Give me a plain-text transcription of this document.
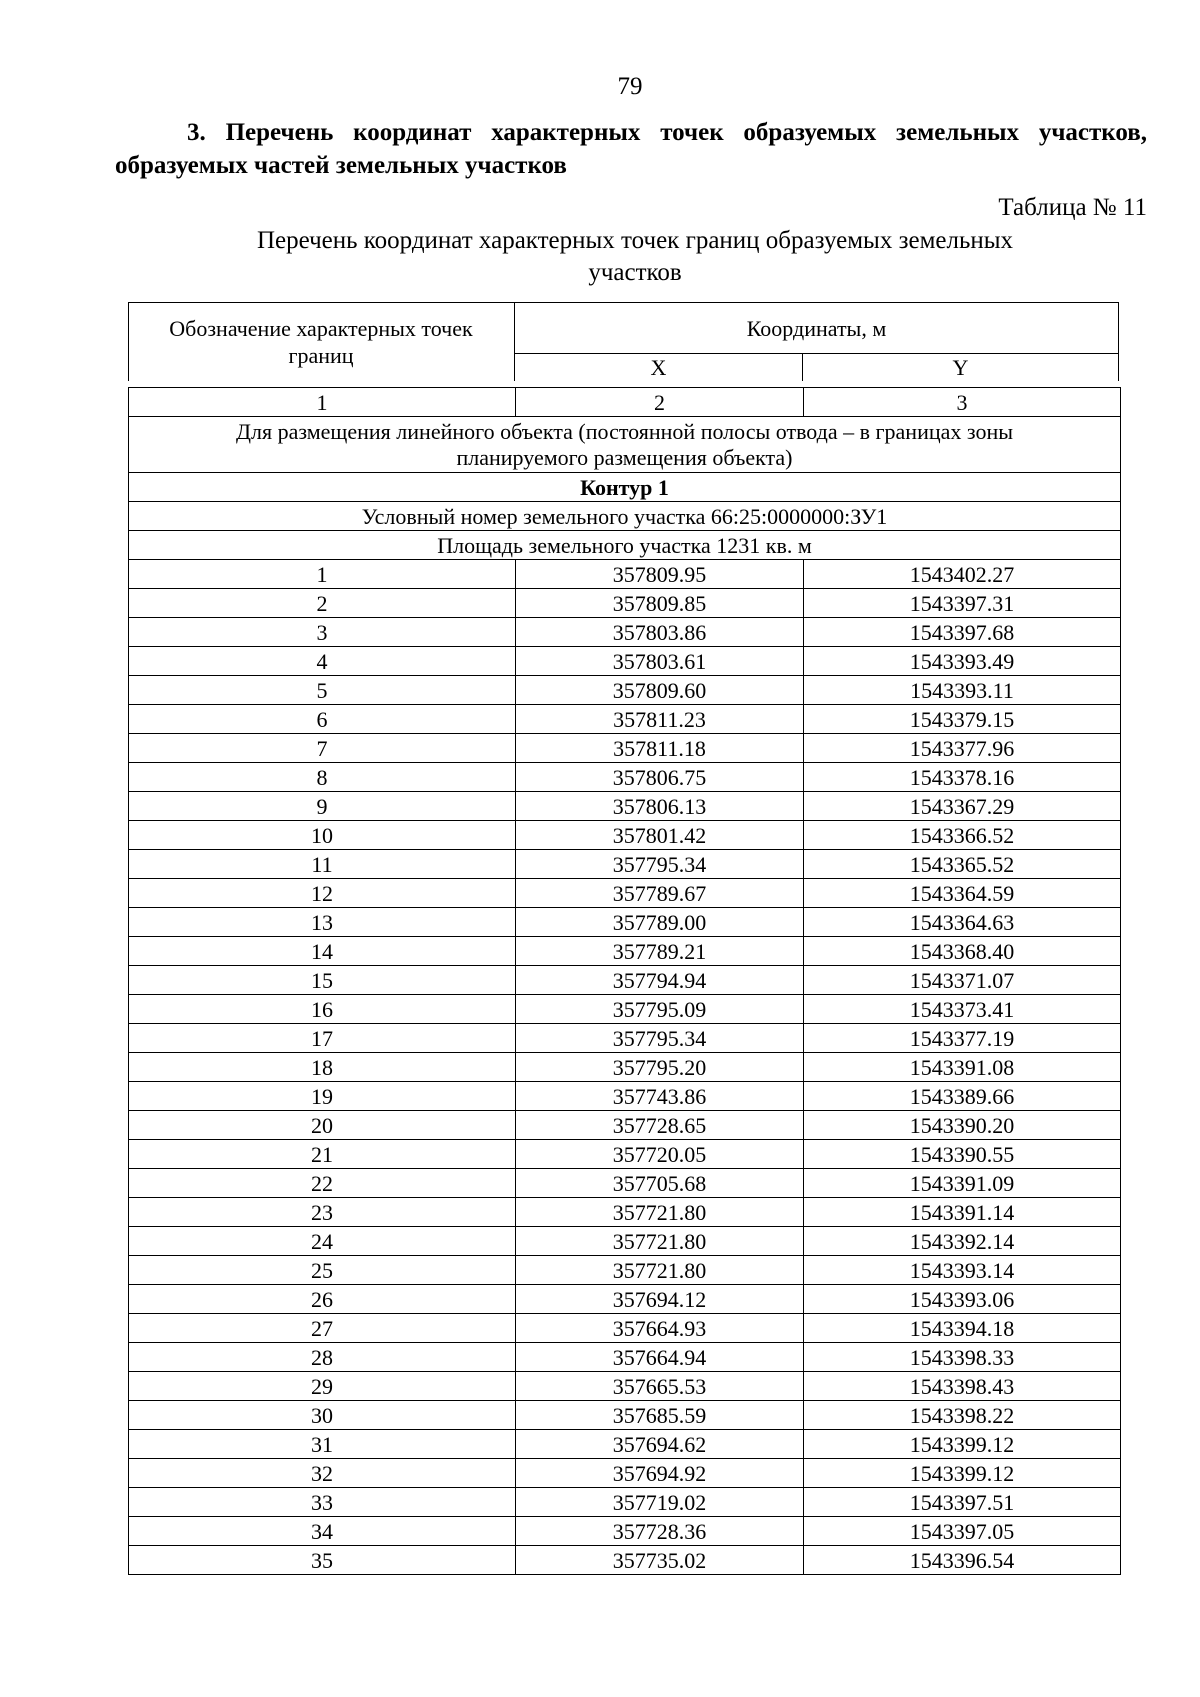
79
3. Перечень координат характерных точек образуемых земельных участков, образуемых частей земельных участков
Таблица № 11
Перечень координат характерных точек границ образуемых земельных участков
Обозначение характерных точек границ
Координаты, м
X	Y
1	2	3
Для размещения линейного объекта (постоянной полосы отвода – в границах зоны планируемого размещения объекта)		
Контур 1		
Условный номер земельного участка 66:25:0000000:ЗУ1		
Площадь земельного участка 1231 кв. м		
1	357809.95	1543402.27
2	357809.85	1543397.31
3	357803.86	1543397.68
4	357803.61	1543393.49
5	357809.60	1543393.11
6	357811.23	1543379.15
7	357811.18	1543377.96
8	357806.75	1543378.16
9	357806.13	1543367.29
10	357801.42	1543366.52
11	357795.34	1543365.52
12	357789.67	1543364.59
13	357789.00	1543364.63
14	357789.21	1543368.40
15	357794.94	1543371.07
16	357795.09	1543373.41
17	357795.34	1543377.19
18	357795.20	1543391.08
19	357743.86	1543389.66
20	357728.65	1543390.20
21	357720.05	1543390.55
22	357705.68	1543391.09
23	357721.80	1543391.14
24	357721.80	1543392.14
25	357721.80	1543393.14
26	357694.12	1543393.06
27	357664.93	1543394.18
28	357664.94	1543398.33
29	357665.53	1543398.43
30	357685.59	1543398.22
31	357694.62	1543399.12
32	357694.92	1543399.12
33	357719.02	1543397.51
34	357728.36	1543397.05
35	357735.02	1543396.54
